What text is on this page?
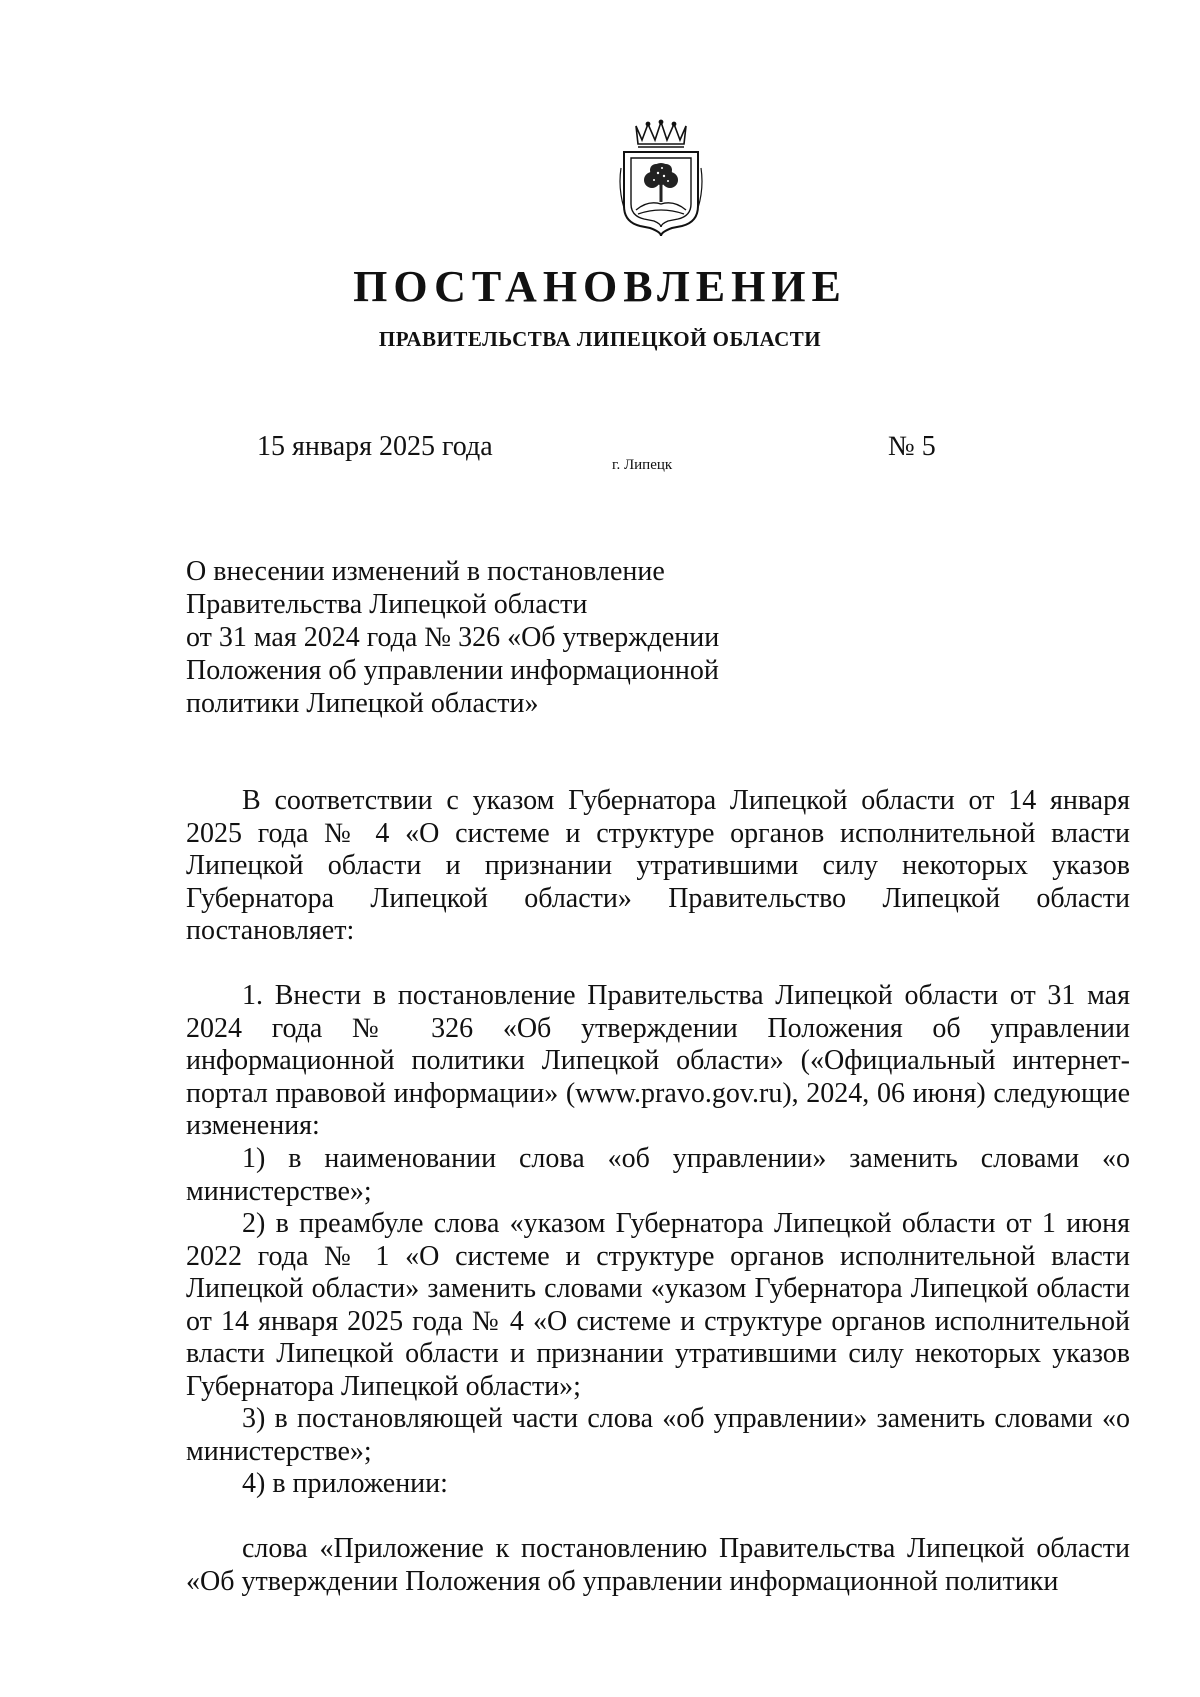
ПОСТАНОВЛЕНИЕ
ПРАВИТЕЛЬСТВА ЛИПЕЦКОЙ ОБЛАСТИ
15 января 2025 года
г. Липецк
№ 5
О внесении изменений в постановление
Правительства Липецкой области
от 31 мая 2024 года № 326 «Об утверждении
Положения об управлении информационной
политики Липецкой области»

В соответствии с указом Губернатора Липецкой области от 14 января 2025 года № 4 «О системе и структуре органов исполнительной власти Липецкой области и признании утратившими силу некоторых указов Губернатора Липецкой области» Правительство Липецкой области постановляет:

1. Внести в постановление Правительства Липецкой области от 31 мая 2024 года № 326 «Об утверждении Положения об управлении информационной политики Липецкой области» («Официальный интернет-портал правовой информации» (www.pravo.gov.ru), 2024, 06 июня) следующие изменения:

1) в наименовании слова «об управлении» заменить словами «о министерстве»;

2) в преамбуле слова «указом Губернатора Липецкой области от 1 июня 2022 года № 1 «О системе и структуре органов исполнительной власти Липецкой области» заменить словами «указом Губернатора Липецкой области от 14 января 2025 года № 4 «О системе и структуре органов исполнительной власти Липецкой области и признании утратившими силу некоторых указов Губернатора Липецкой области»;

3) в постановляющей части слова «об управлении» заменить словами «о министерстве»;

4) в приложении:

слова «Приложение к постановлению Правительства Липецкой области «Об утверждении Положения об управлении информационной политики
